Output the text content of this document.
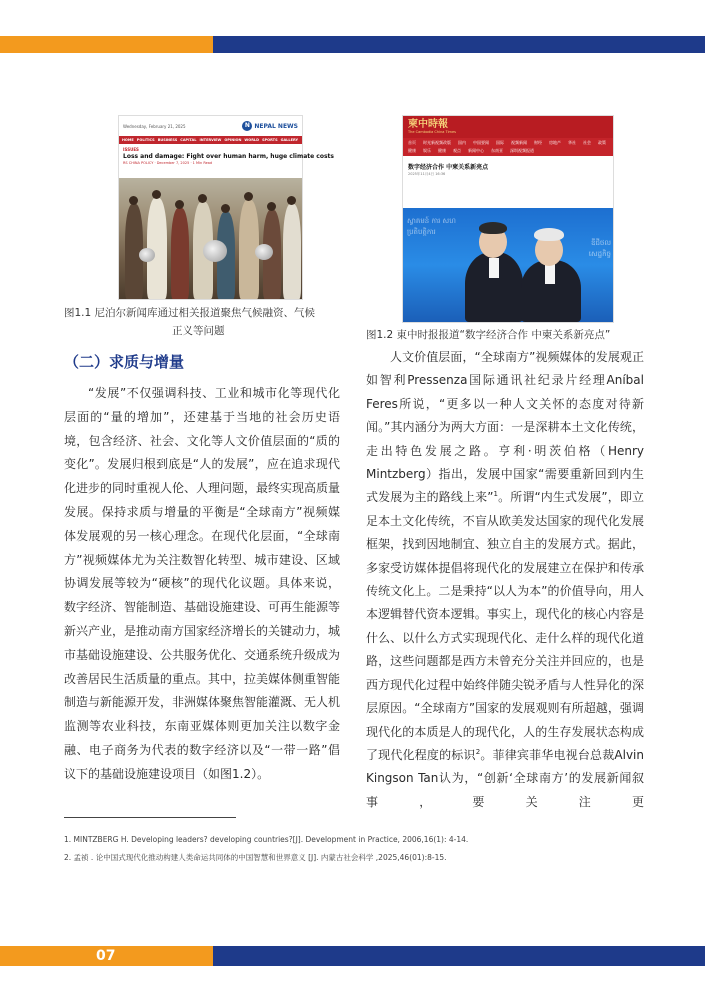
Wednesday, February 21, 2025	N NEPAL NEWS
HOME POLITICS BUSINESS CAPITAL INTERVIEW OPINION WORLD SPORTS GALLERY
ISSUES
Loss and damage: Fight over human harm, huge climate costs
RS CHINA POLICY · December 7, 2025 · 1 Min Read
图1.1 尼泊尔新闻库通过相关报道聚焦气候融资、气候
正义等问题
柬中時報
The Cambodia China Times
首页 时光新视频改版 国内 中国要闻 国际 视频新闻 财经 房地产 华社 社会 政策
健康 娱乐 健康 观点 新闻中心 东南亚 深圳视频报道
数字经济合作 中柬关系新亮点
2025年11月4日 16:36
ស្វាគមន៍ ការ សហប្រតិបត្តិការ
ឌីជីថល សេដ្ឋកិច្ច
图1.2 東中时报报道“数字经济合作 中柬关系新亮点”
（二）求质与增量
“发展”不仅强调科技、工业和城市化等现代化层面的“量的增加”，还建基于当地的社会历史语境，包含经济、社会、文化等人文价值层面的“质的变化”。发展归根到底是“人的发展”，应在追求现代化进步的同时重视人伦、人理问题，最终实现高质量发展。保持求质与增量的平衡是“全球南方”视频媒体发展观的另一核心理念。在现代化层面，“全球南方”视频媒体尤为关注数智化转型、城市建设、区域协调发展等较为“硬核”的现代化议题。具体来说，数字经济、智能制造、基础设施建设、可再生能源等新兴产业，是推动南方国家经济增长的关键动力，城市基础设施建设、公共服务优化、交通系统升级成为改善居民生活质量的重点。其中，拉美媒体侧重智能制造与新能源开发，非洲媒体聚焦智能灌溉、无人机监测等农业科技，东南亚媒体则更加关注以数字金融、电子商务为代表的数字经济以及“一带一路”倡议下的基础设施建设项目（如图1.2）。
人文价值层面，“全球南方”视频媒体的发展观正如智利Pressenza国际通讯社纪录片经理Aníbal Feres所说，“更多以一种人文关怀的态度对待新闻。”其内涵分为两大方面：一是深耕本土文化传统，走出特色发展之路。亨利·明茨伯格（Henry Mintzberg）指出，发展中国家“需要重新回到内生式发展为主的路线上来”$^1$。所谓“内生式发展”，即立足本土文化传统，不盲从欧美发达国家的现代化发展框架，找到因地制宜、独立自主的发展方式。据此，多家受访媒体提倡将现代化的发展建立在保护和传承传统文化上。二是秉持“以人为本”的价值导向，用人本逻辑替代资本逻辑。事实上，现代化的核心内容是什么、以什么方式实现现代化、走什么样的现代化道路，这些问题都是西方未曾充分关注并回应的，也是西方现代化过程中始终伴随尖锐矛盾与人性异化的深层原因。“全球南方”国家的发展观则有所超越，强调现代化的本质是人的现代化，人的生存发展状态构成了现代化程度的标识$^2$。菲律宾菲华电视台总裁Alvin Kingson Tan认为，“创新‘全球南方’的发展新闻叙事，要关注更
1. MINTZBERG H. Developing leaders? developing countries?[J]. Development in Practice, 2006,16(1): 4-14.
2. 孟祯 . 论中国式现代化推动构建人类命运共同体的中国智慧和世界意义 [J]. 内蒙古社会科学 ,2025,46(01):8-15.
07
